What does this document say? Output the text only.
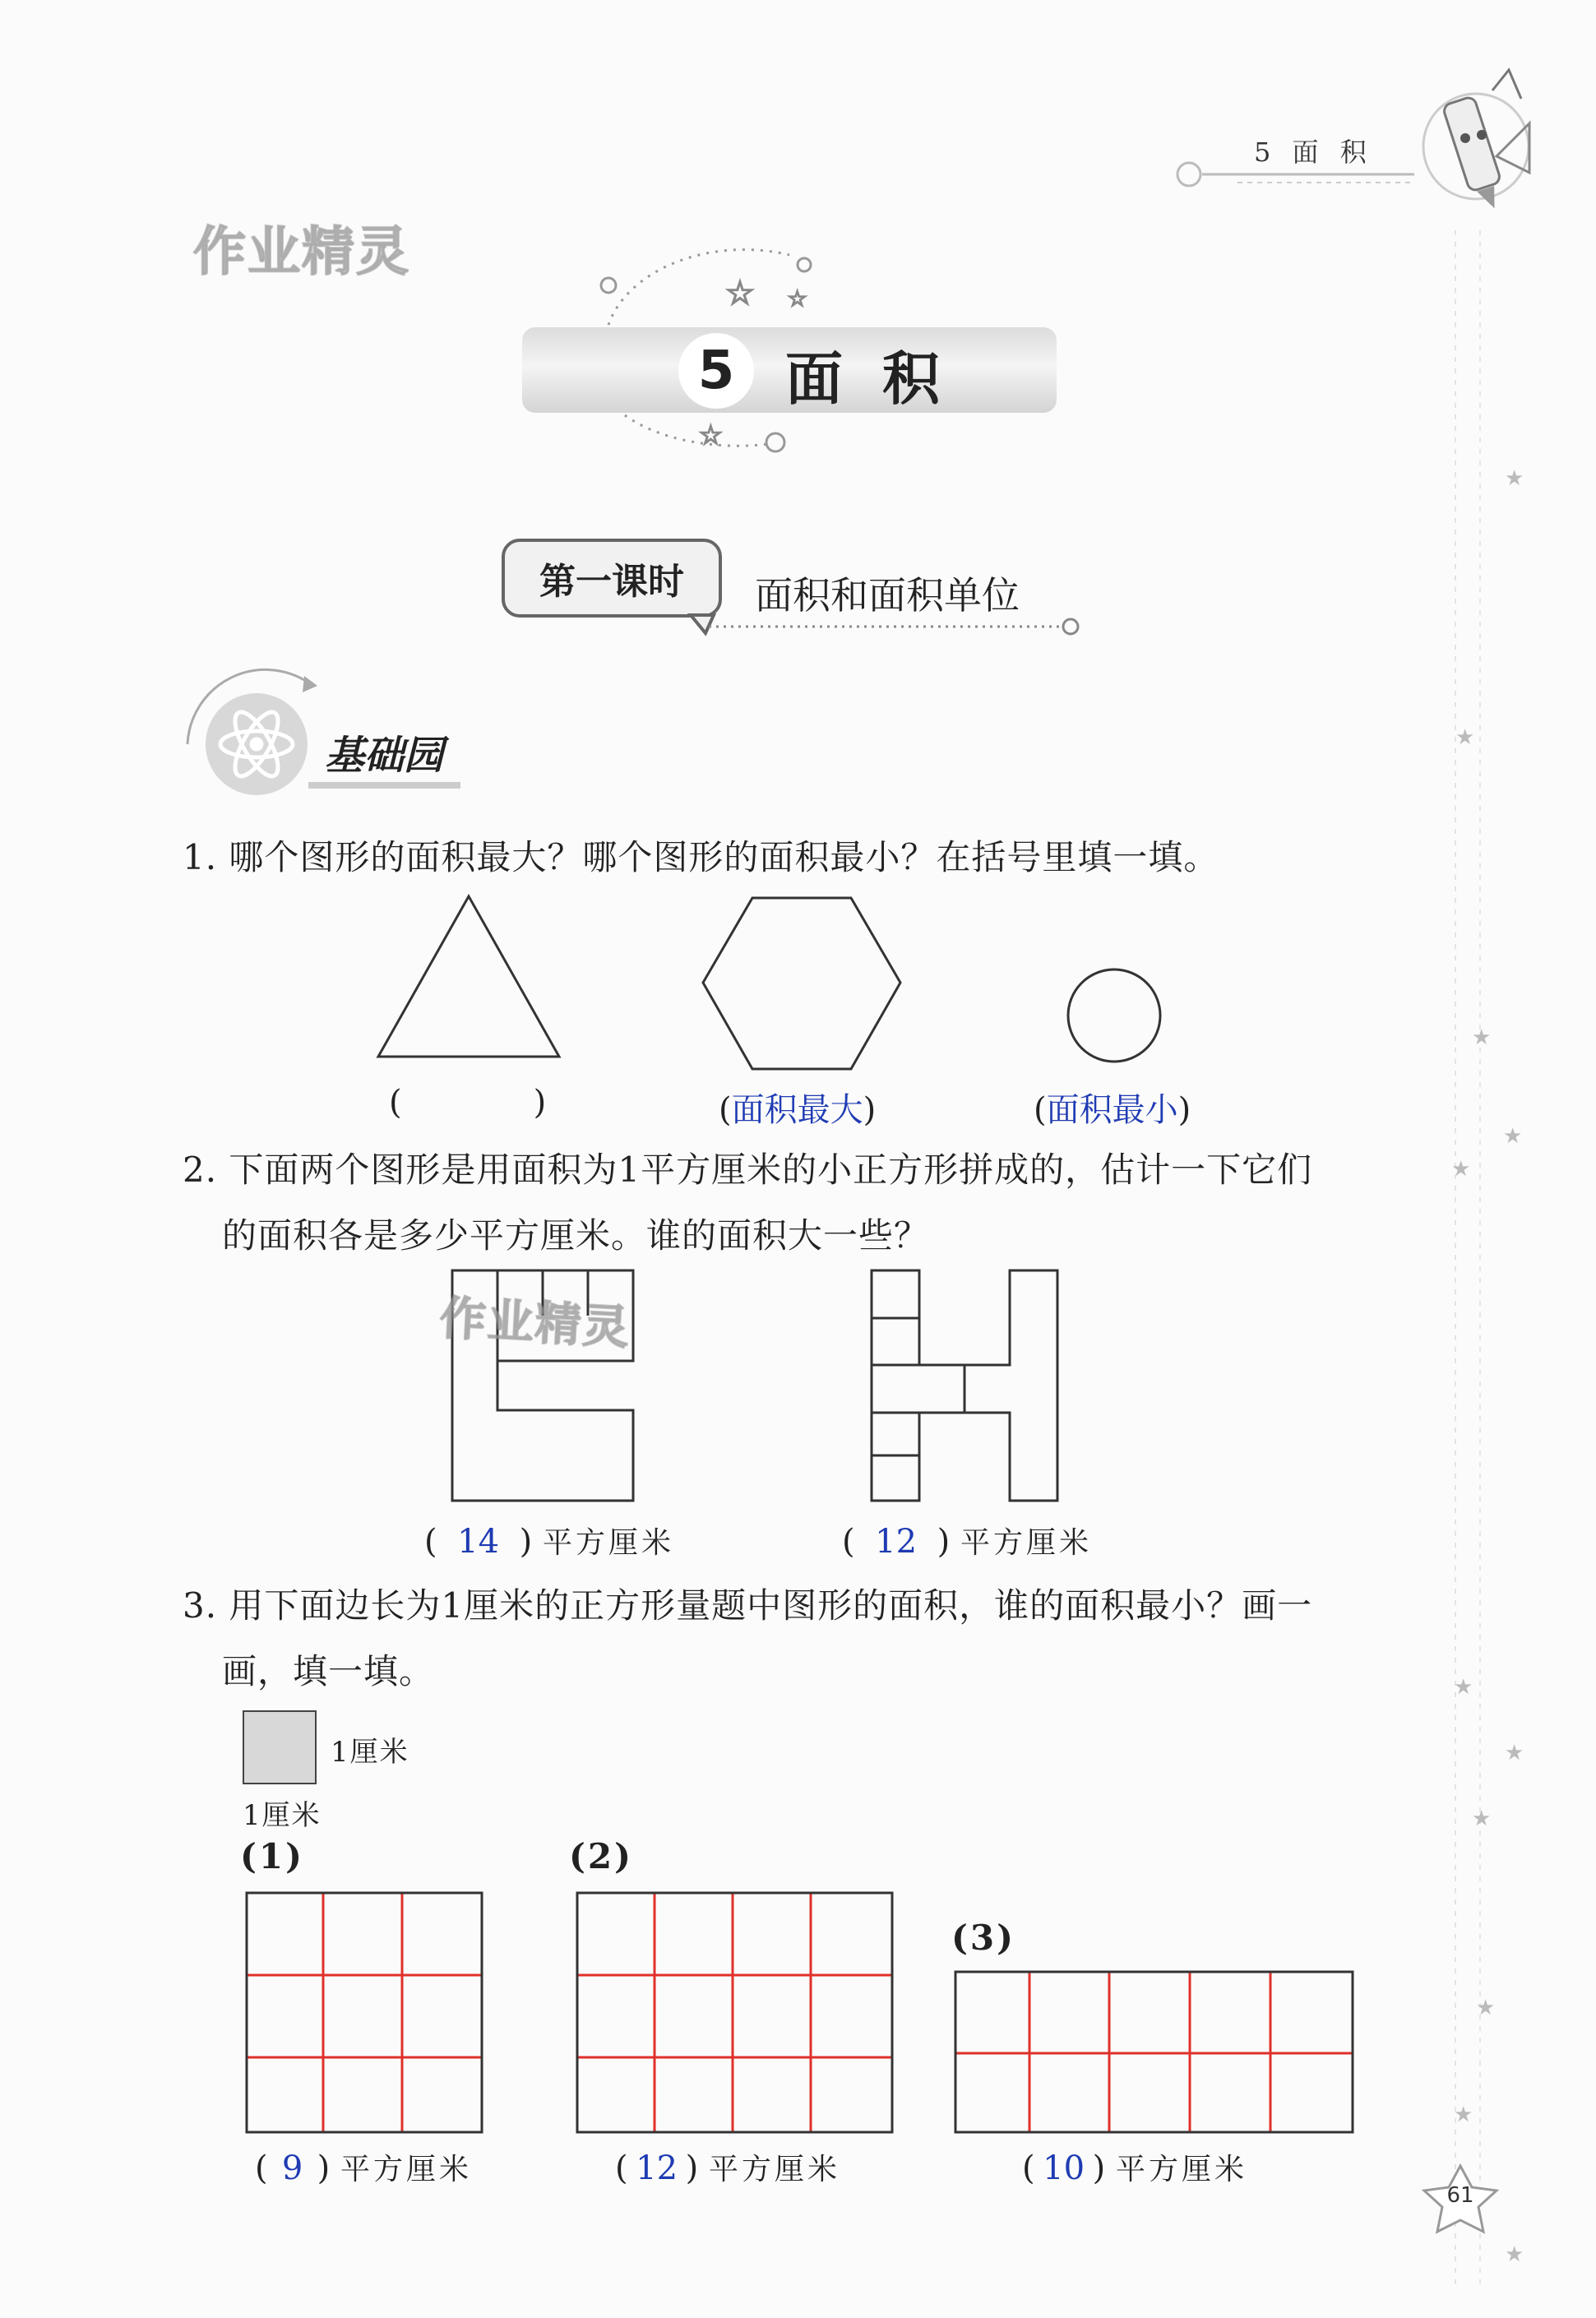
5 面 积
作业精灵
☆ ☆
☆
5 面积
第一课时	面积和面积单位
基础园
1. 哪个图形的面积最大？哪个图形的面积最小？在括号里填一填。
(	)	(面积最大)	(面积最小)
2. 下面两个图形是用面积为1平方厘米的小正方形拼成的，估计一下它们
的面积各是多少平方厘米。谁的面积大一些？
作业精灵
( 14 ) 平方厘米	( 12 ) 平方厘米
3. 用下面边长为1厘米的正方形量题中图形的面积，谁的面积最小？画一
画，填一填。
1厘米
1厘米
(1)	(2)
(3)
( 9 ) 平方厘米	( 12 ) 平方厘米	( 10 ) 平方厘米
★
★
★
★
★
★
★
★
★
★
★
61
